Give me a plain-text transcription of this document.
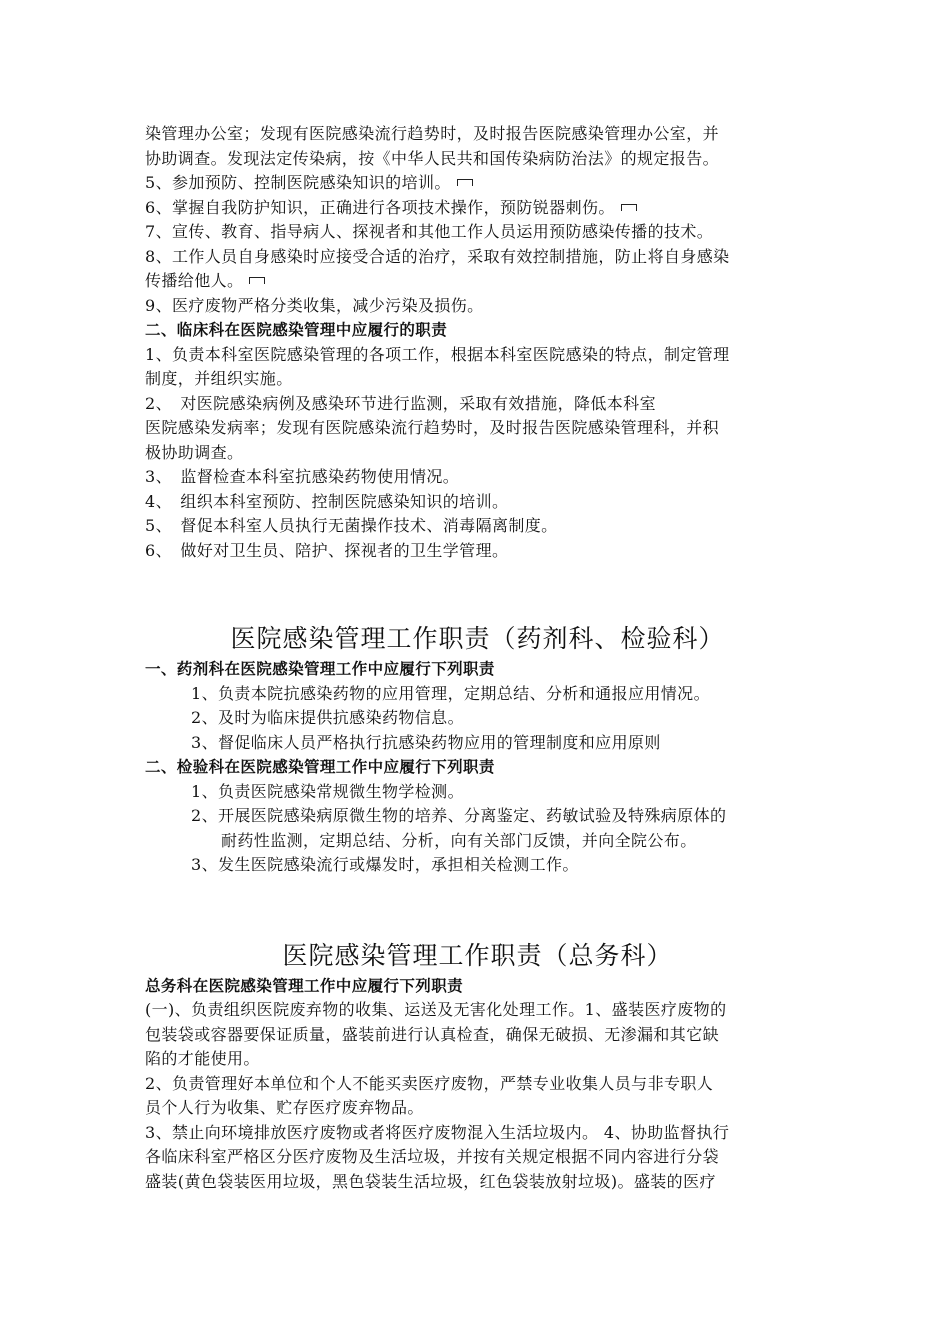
染管理办公室；发现有医院感染流行趋势时，及时报告医院感染管理办公室，并
协助调查。发现法定传染病，按《中华人民共和国传染病防治法》的规定报告。
5、参加预防、控制医院感染知识的培训。
6、掌握自我防护知识，正确进行各项技术操作，预防锐器刺伤。
7、宣传、教育、指导病人、探视者和其他工作人员运用预防感染传播的技术。
8、工作人员自身感染时应接受合适的治疗，采取有效控制措施，防止将自身感染
传播给他人。
9、医疗废物严格分类收集，减少污染及损伤。
二、临床科在医院感染管理中应履行的职责
1、负责本科室医院感染管理的各项工作，根据本科室医院感染的特点，制定管理
制度，并组织实施。
2、　对医院感染病例及感染环节进行监测，采取有效措施，降低本科室
医院感染发病率；发现有医院感染流行趋势时，及时报告医院感染管理科，并积
极协助调查。
3、　监督检查本科室抗感染药物使用情况。
4、　组织本科室预防、控制医院感染知识的培训。
5、　督促本科室人员执行无菌操作技术、消毒隔离制度。
6、　做好对卫生员、陪护、探视者的卫生学管理。
医院感染管理工作职责（药剂科、检验科）
一、药剂科在医院感染管理工作中应履行下列职责
1、负责本院抗感染药物的应用管理，定期总结、分析和通报应用情况。
2、及时为临床提供抗感染药物信息。
3、督促临床人员严格执行抗感染药物应用的管理制度和应用原则
二、检验科在医院感染管理工作中应履行下列职责
1、负责医院感染常规微生物学检测。
2、开展医院感染病原微生物的培养、分离鉴定、药敏试验及特殊病原体的
耐药性监测，定期总结、分析，向有关部门反馈，并向全院公布。
3、发生医院感染流行或爆发时，承担相关检测工作。
医院感染管理工作职责（总务科）
总务科在医院感染管理工作中应履行下列职责
(一)、负责组织医院废弃物的收集、运送及无害化处理工作。1、盛装医疗废物的
包装袋或容器要保证质量，盛装前进行认真检查，确保无破损、无渗漏和其它缺
陷的才能使用。
2、负责管理好本单位和个人不能买卖医疗废物，严禁专业收集人员与非专职人
员个人行为收集、贮存医疗废弃物品。
3、禁止向环境排放医疗废物或者将医疗废物混入生活垃圾内。 4、协助监督执行
各临床科室严格区分医疗废物及生活垃圾，并按有关规定根据不同内容进行分袋
盛装(黄色袋装医用垃圾，黑色袋装生活垃圾，红色袋装放射垃圾)。盛装的医疗
